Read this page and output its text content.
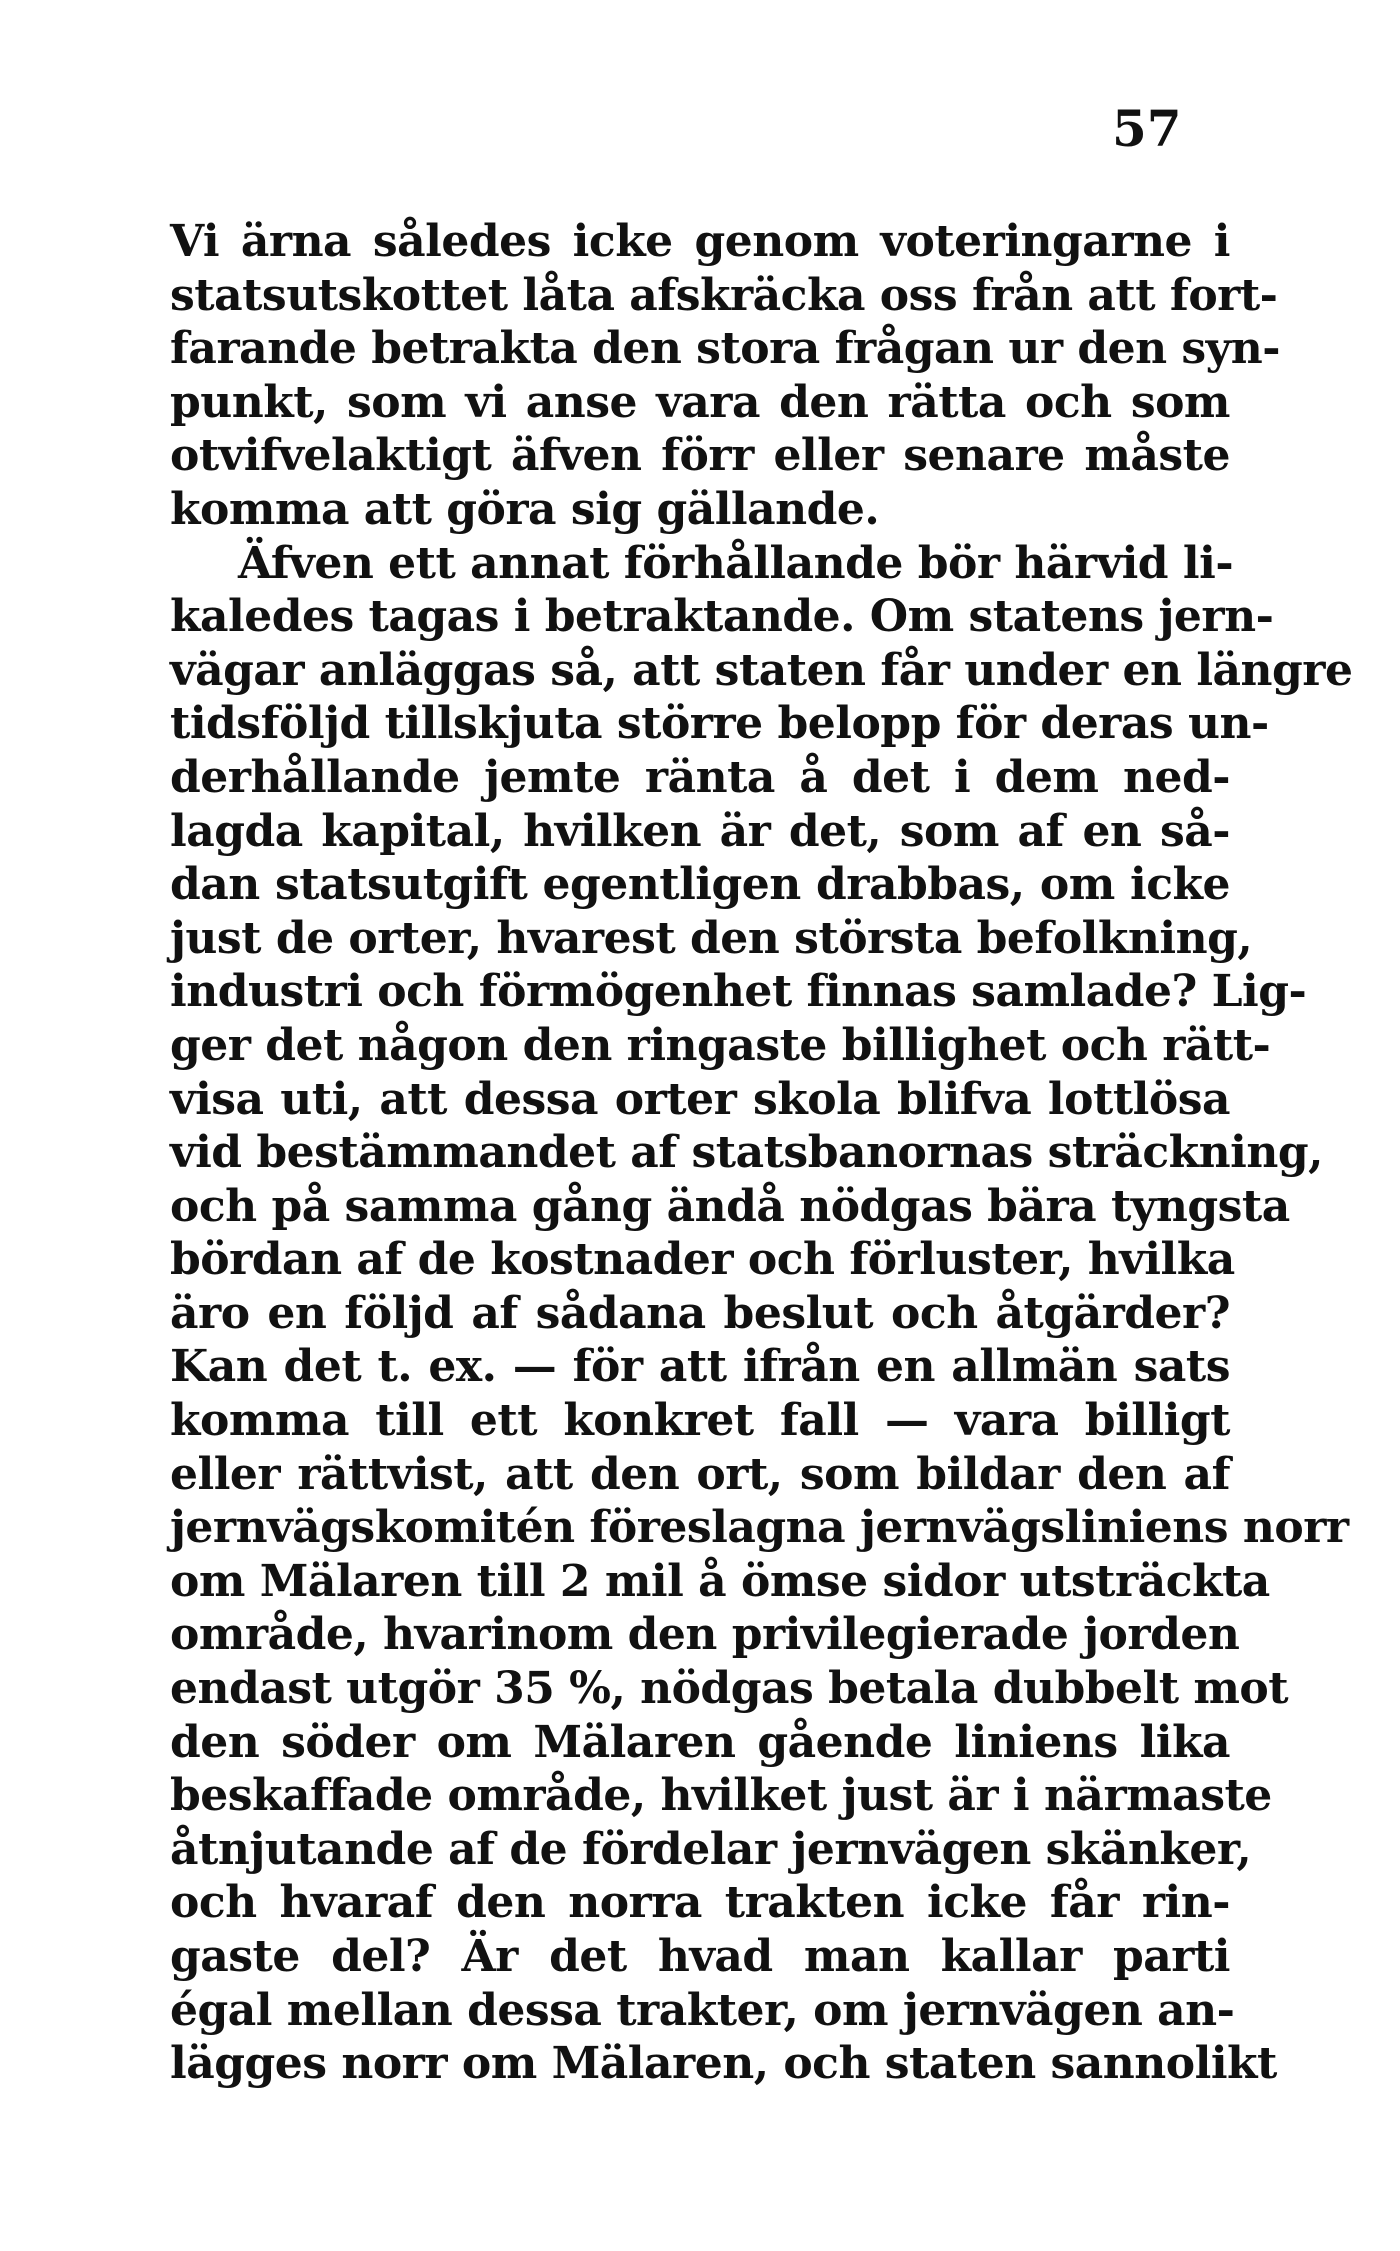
57
Vi ärna således icke genom voteringarne i
statsutskottet låta afskräcka oss från att fort-
farande betrakta den stora frågan ur den syn-
punkt, som vi anse vara den rätta och som
otvifvelaktigt äfven förr eller senare måste
komma att göra sig gällande.
Äfven ett annat förhållande bör härvid li-
kaledes tagas i betraktande. Om statens jern-
vägar anläggas så, att staten får under en längre
tidsföljd tillskjuta större belopp för deras un-
derhållande jemte ränta å det i dem ned-
lagda kapital, hvilken är det, som af en så-
dan statsutgift egentligen drabbas, om icke
just de orter, hvarest den största befolkning,
industri och förmögenhet finnas samlade? Lig-
ger det någon den ringaste billighet och rätt-
visa uti, att dessa orter skola blifva lottlösa
vid bestämmandet af statsbanornas sträckning,
och på samma gång ändå nödgas bära tyngsta
bördan af de kostnader och förluster, hvilka
äro en följd af sådana beslut och åtgärder?
Kan det t. ex. — för att ifrån en allmän sats
komma till ett konkret fall — vara billigt
eller rättvist, att den ort, som bildar den af
jernvägskomitén föreslagna jernvägsliniens norr
om Mälaren till 2 mil å ömse sidor utsträckta
område, hvarinom den privilegierade jorden
endast utgör 35 %, nödgas betala dubbelt mot
den söder om Mälaren gående liniens lika
beskaffade område, hvilket just är i närmaste
åtnjutande af de fördelar jernvägen skänker,
och hvaraf den norra trakten icke får rin-
gaste del? Är det hvad man kallar parti
égal mellan dessa trakter, om jernvägen an-
lägges norr om Mälaren, och staten sannolikt
